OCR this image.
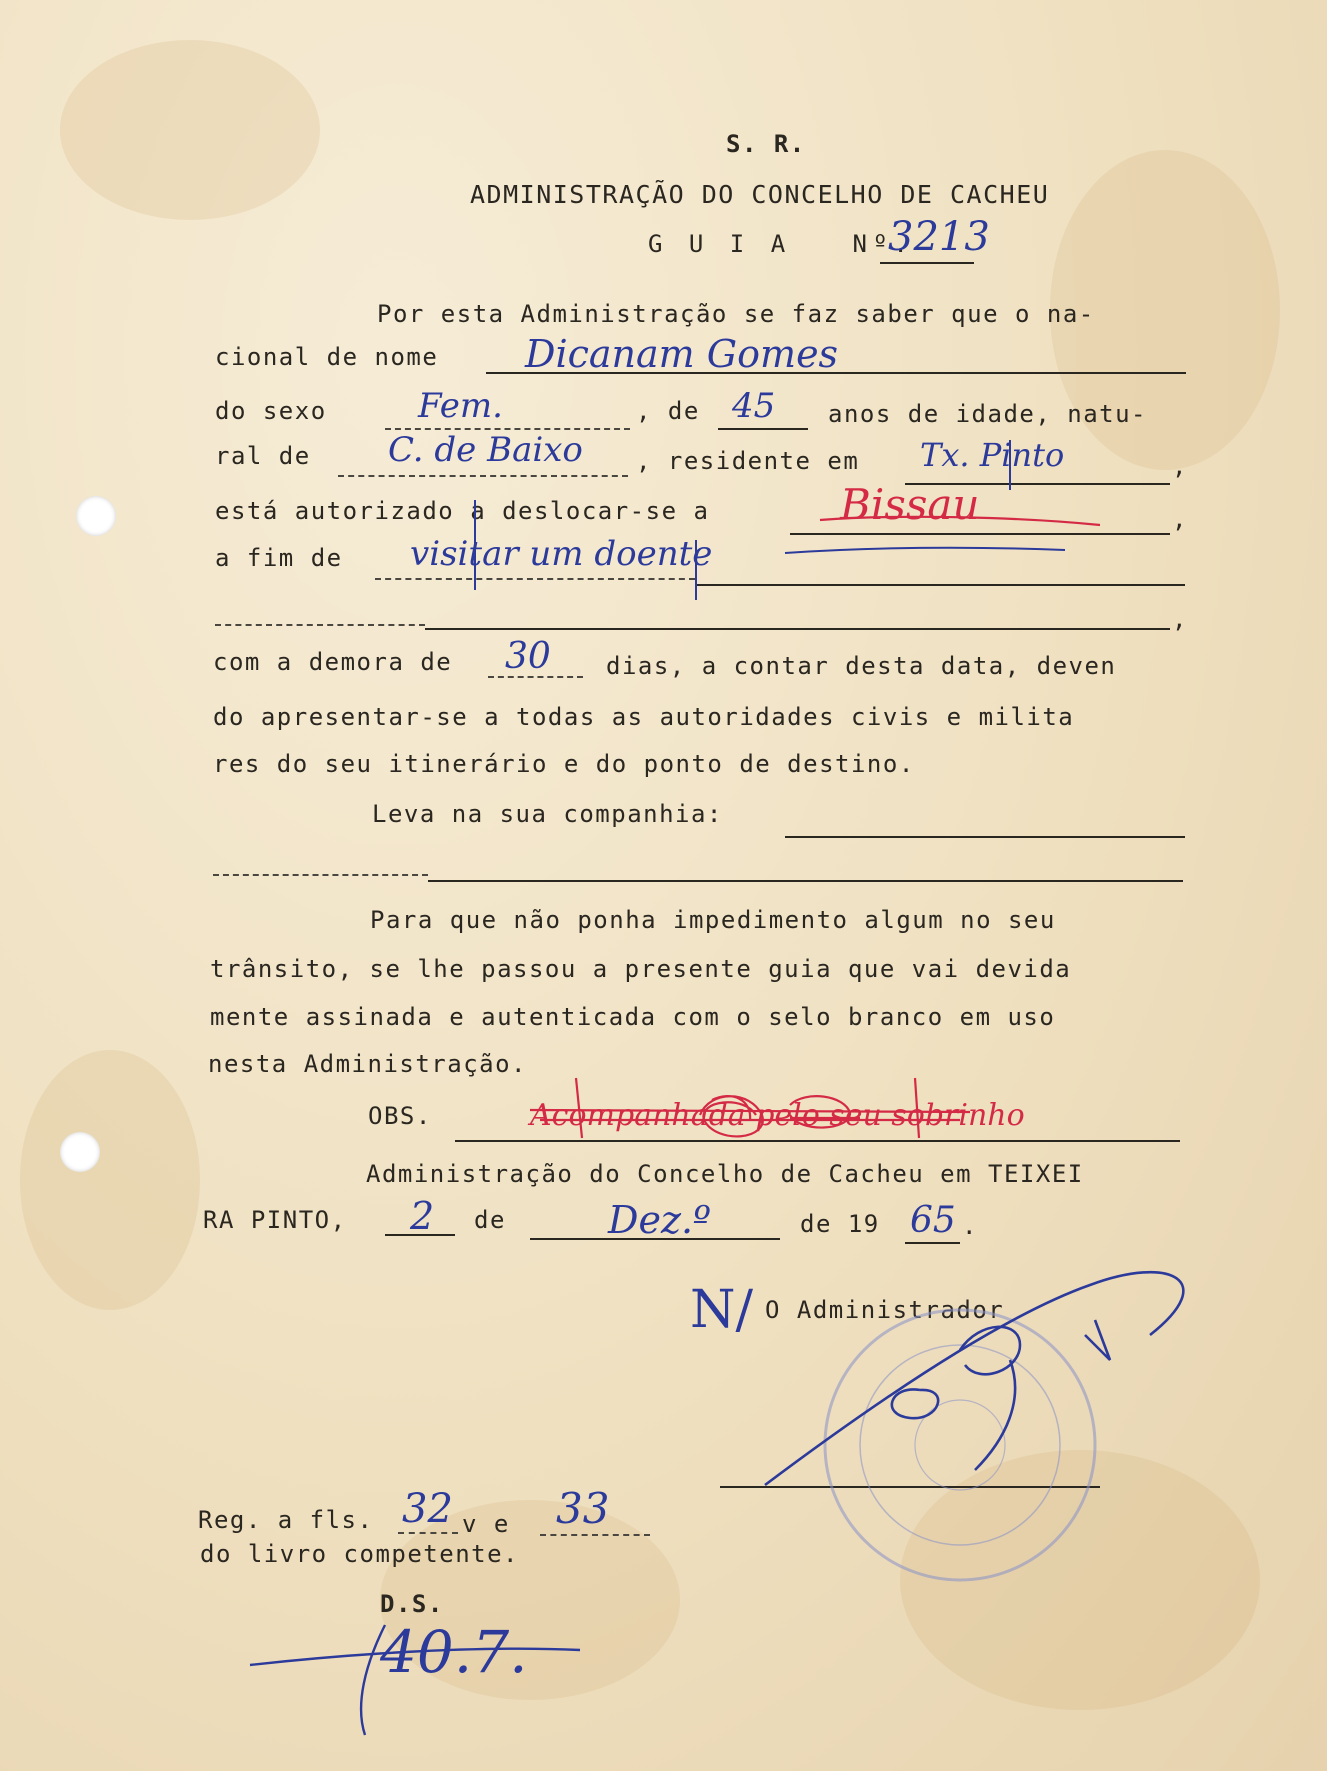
S. R.
ADMINISTRAÇÃO DO CONCELHO DE CACHEU
G U I A   Nº.
3213
Por esta Administração se faz saber que o na-
cional de nome Dicanam Gomes
do sexo	Fem.	, de 45 anos de idade, natu-
ral de C. de Baixo , residente em Tx. Pinto	,
está autorizado a deslocar-se a	Bissau	,
a fim de visitar um doente
,
com a demora de 30 dias, a contar desta data, deven
do apresentar-se a todas as autoridades civis e milita
res do seu itinerário e do ponto de destino.
Leva na sua companhia:
Para que não ponha impedimento algum no seu
trânsito, se lhe passou a presente guia que vai devida
mente assinada e autenticada com o selo branco em uso
nesta Administração.
OBS.	Acompanhada pelo seu sobrinho
Administração do Concelho de Cacheu em TEIXEI
RA PINTO, 2 de	Dez.º	de 19 65 .
N/ O Administrador
Reg. a fls. 32 v e 33
do livro competente.
D.S.
40.7.
